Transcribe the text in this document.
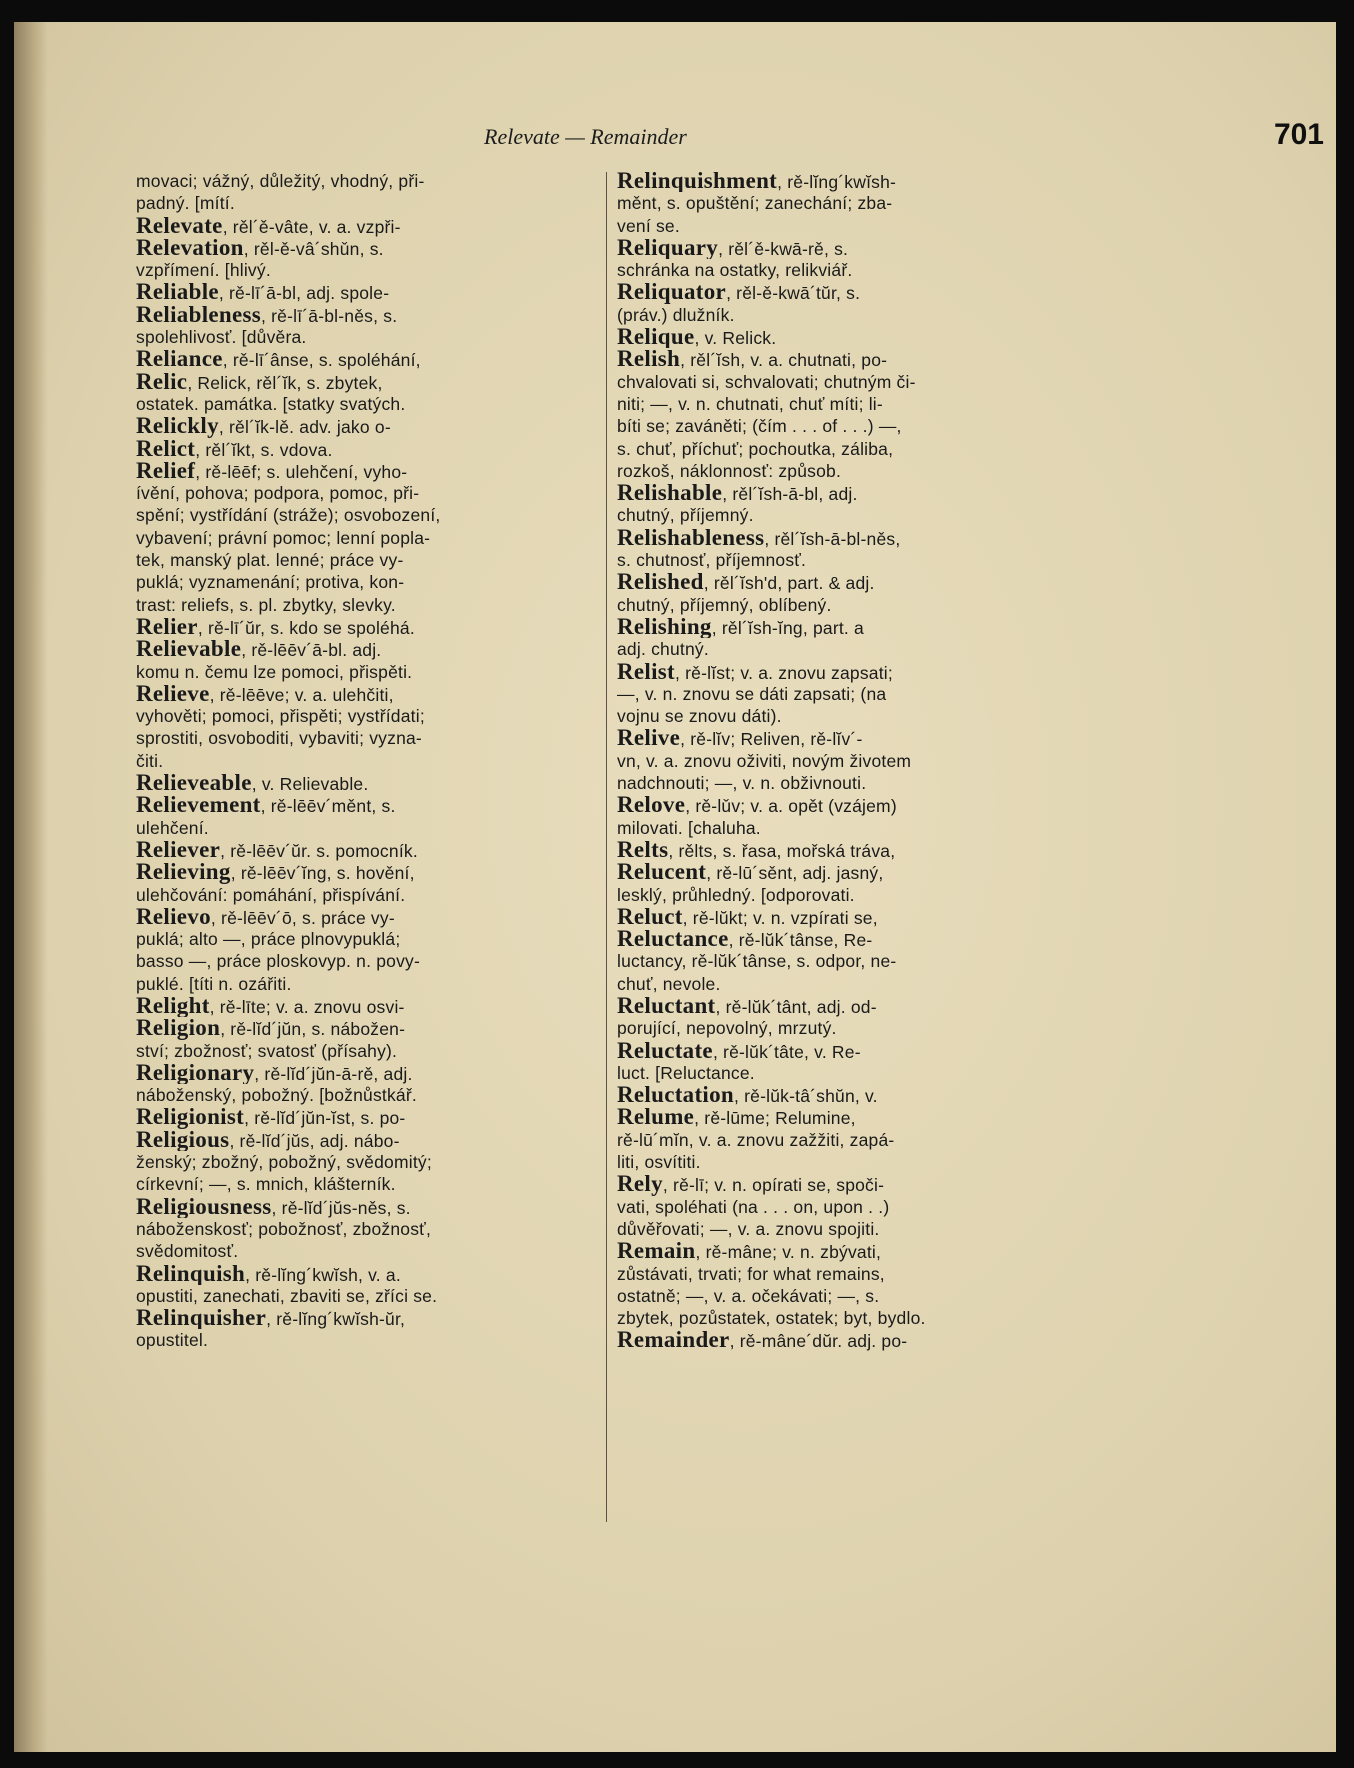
Relevate — Remainder	701
movaci; vážný, důležitý, vhodný, při-
padný. [mítí.
Relevate, rěl´ě-vâte, v. a. vzpři-
Relevation, rěl-ě-vâ´shǔn, s.
vzpřímení. [hlivý.
Reliable, rě-lī´ā-bl, adj. spole-
Reliableness, rě-lī´ā-bl-něs, s.
spolehlivosť. [důvěra.
Reliance, rě-lī´ânse, s. spoléhání,
Relic, Relick, rěl´ĭk, s. zbytek,
ostatek. památka. [statky svatých.
Relickly, rěl´ĭk-lě. adv. jako o-
Relict, rěl´ĭkt, s. vdova.
Relief, rě-lēēf; s. ulehčení, vyho-
ívění, pohova; podpora, pomoc, při-
spění; vystřídání (stráže); osvobození,
vybavení; právní pomoc; lenní popla-
tek, manský plat. lenné; práce vy-
puklá; vyznamenání; protiva, kon-
trast: reliefs, s. pl. zbytky, slevky.
Relier, rě-lī´ŭr, s. kdo se spoléhá.
Relievable, rě-lēēv´ā-bl. adj.
komu n. čemu lze pomoci, přispěti.
Relieve, rě-lēēve; v. a. ulehčiti,
vyhověti; pomoci, přispěti; vystřídati;
sprostiti, osvoboditi, vybaviti; vyzna-
čiti.
Relieveable, v. Relievable.
Relievement, rě-lēēv´měnt, s.
ulehčení.
Reliever, rě-lēēv´ŭr. s. pomocník.
Relieving, rě-lēēv´ĭng, s. hovění,
ulehčování: pomáhání, přispívání.
Relievo, rě-lēēv´ō, s. práce vy-
puklá; alto —, práce plnovypuklá;
basso —, práce ploskovyp. n. povy-
puklé. [títi n. ozářiti.
Relight, rě-līte; v. a. znovu osvi-
Religion, rě-lĭd´jŭn, s. nábožen-
ství; zbožnosť; svatosť (přísahy).
Religionary, rě-lĭd´jŭn-ā-rě, adj.
náboženský, pobožný. [božnůstkář.
Religionist, rě-lĭd´jŭn-ĭst, s. po-
Religious, rě-lĭd´jŭs, adj. nábo-
ženský; zbožný, pobožný, svědomitý;
církevní; —, s. mnich, klášterník.
Religiousness, rě-lĭd´jŭs-něs, s.
náboženskosť; pobožnosť, zbožnosť,
svědomitosť.
Relinquish, rě-lĭng´kwĭsh, v. a.
opustiti, zanechati, zbaviti se, zříci se.
Relinquisher, rě-lĭng´kwĭsh-ŭr,
opustitel.
Relinquishment, rě-lĭng´kwĭsh-
měnt, s. opuštění; zanechání; zba-
vení se.
Reliquary, rěl´ě-kwā-rě, s.
schránka na ostatky, relikviář.
Reliquator, rěl-ě-kwā´tŭr, s.
(práv.) dlužník.
Relique, v. Relick.
Relish, rěl´ĭsh, v. a. chutnati, po-
chvalovati si, schvalovati; chutným či-
niti; —, v. n. chutnati, chuť míti; li-
bíti se; zaváněti; (čím . . . of . . .) —,
s. chuť, příchuť; pochoutka, záliba,
rozkoš, náklonnosť: způsob.
Relishable, rěl´ĭsh-ā-bl, adj.
chutný, příjemný.
Relishableness, rěl´ĭsh-ā-bl-něs,
s. chutnosť, příjemnosť.
Relished, rěl´ĭsh'd, part. & adj.
chutný, příjemný, oblíbený.
Relishing, rěl´ĭsh-ĭng, part. a
adj. chutný.
Relist, rě-lĭst; v. a. znovu zapsati;
—, v. n. znovu se dáti zapsati; (na
vojnu se znovu dáti).
Relive, rě-lĭv; Reliven, rě-lĭv´-
vn, v. a. znovu oživiti, novým životem
nadchnouti; —, v. n. obživnouti.
Relove, rě-lǔv; v. a. opět (vzájem)
milovati. [chaluha.
Relts, rělts, s. řasa, mořská tráva,
Relucent, rě-lū´sěnt, adj. jasný,
lesklý, průhledný. [odporovati.
Reluct, rě-lŭkt; v. n. vzpírati se,
Reluctance, rě-lŭk´tânse, Re-
luctancy, rě-lŭk´tânse, s. odpor, ne-
chuť, nevole.
Reluctant, rě-lŭk´tânt, adj. od-
porující, nepovolný, mrzutý.
Reluctate, rě-lŭk´tâte, v. Re-
luct. [Reluctance.
Reluctation, rě-lŭk-tâ´shŭn, v.
Relume, rě-lūme; Relumine,
rě-lū´mĭn, v. a. znovu zažžiti, zapá-
liti, osvítiti.
Rely, rě-lī; v. n. opírati se, spoči-
vati, spoléhati (na . . . on, upon . .)
důvěřovati; —, v. a. znovu spojiti.
Remain, rě-mâne; v. n. zbývati,
zůstávati, trvati; for what remains,
ostatně; —, v. a. očekávati; —, s.
zbytek, pozůstatek, ostatek; byt, bydlo.
Remainder, rě-mâne´dŭr. adj. po-
